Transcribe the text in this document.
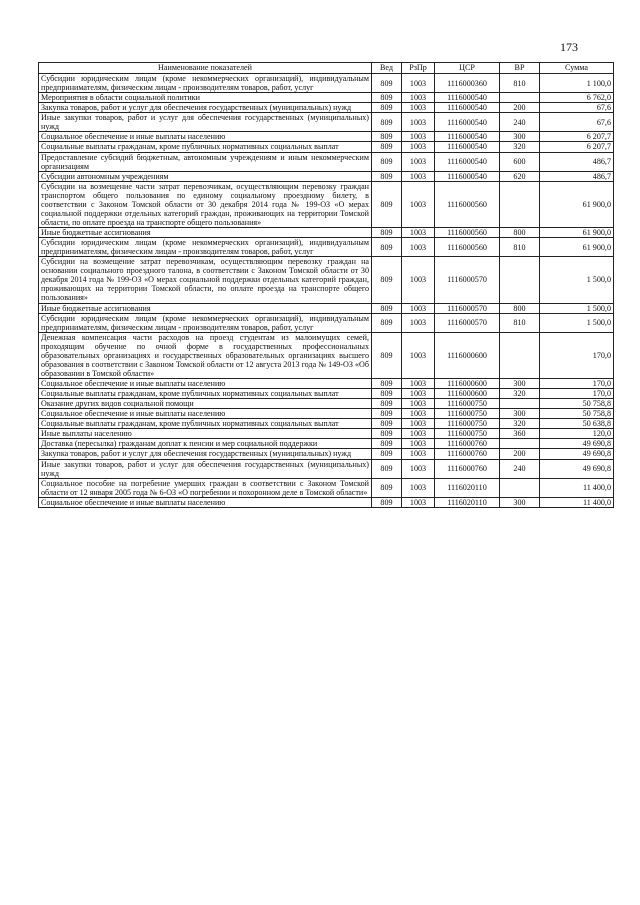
173
Наименование показателей	Вед	РзПр	ЦСР	ВР	Сумма
Субсидии юридическим лицам (кроме некоммерческих организаций), индивидуальным предпринимателям, физическим лицам - производителям товаров, работ, услуг	809	1003	1116000360	810	1 100,0
Мероприятия в области социальной политики	809	1003	1116000540		6 762,0
Закупка товаров, работ и услуг для обеспечения государственных (муниципальных) нужд	809	1003	1116000540	200	67,6
Иные закупки товаров, работ и услуг для обеспечения государственных (муниципальных) нужд	809	1003	1116000540	240	67,6
Социальное обеспечение и иные выплаты населению	809	1003	1116000540	300	6 207,7
Социальные выплаты гражданам, кроме публичных нормативных социальных выплат	809	1003	1116000540	320	6 207,7
Предоставление субсидий бюджетным, автономным учреждениям и иным некоммерческим организациям	809	1003	1116000540	600	486,7
Субсидии автономным учреждениям	809	1003	1116000540	620	486,7
Субсидии на возмещение части затрат перевозчикам, осуществляющим перевозку граждан транспортом общего пользования по единому социальному проездному билету, в соответствии с Законом Томской области от 30 декабря 2014 года № 199-ОЗ «О мерах социальной поддержки отдельных категорий граждан, проживающих на территории Томской области, по оплате проезда на транспорте общего пользования»	809	1003	1116000560		61 900,0
Иные бюджетные ассигнования	809	1003	1116000560	800	61 900,0
Субсидии юридическим лицам (кроме некоммерческих организаций), индивидуальным предпринимателям, физическим лицам - производителям товаров, работ, услуг	809	1003	1116000560	810	61 900,0
Субсидии на возмещение затрат перевозчикам, осуществляющим перевозку граждан на основании социального проездного талона, в соответствии с Законом Томской области от 30 декабря 2014 года № 199-ОЗ «О мерах социальной поддержки отдельных категорий граждан, проживающих на территории Томской области, по оплате проезда на транспорте общего пользования»	809	1003	1116000570		1 500,0
Иные бюджетные ассигнования	809	1003	1116000570	800	1 500,0
Субсидии юридическим лицам (кроме некоммерческих организаций), индивидуальным предпринимателям, физическим лицам - производителям товаров, работ, услуг	809	1003	1116000570	810	1 500,0
Денежная компенсация части расходов на проезд студентам из малоимущих семей, проходящим обучение по очной форме в государственных профессиональных образовательных организациях и государственных образовательных организациях высшего образования в соответствии с Законом Томской области от 12 августа 2013 года № 149-ОЗ «Об образовании в Томской области»	809	1003	1116000600		170,0
Социальное обеспечение и иные выплаты населению	809	1003	1116000600	300	170,0
Социальные выплаты гражданам, кроме публичных нормативных социальных выплат	809	1003	1116000600	320	170,0
Оказание других видов социальной помощи	809	1003	1116000750		50 758,8
Социальное обеспечение и иные выплаты населению	809	1003	1116000750	300	50 758,8
Социальные выплаты гражданам, кроме публичных нормативных социальных выплат	809	1003	1116000750	320	50 638,8
Иные выплаты населению	809	1003	1116000750	360	120,0
Доставка (пересылка) гражданам доплат к пенсии и мер социальной поддержки	809	1003	1116000760		49 690,8
Закупка товаров, работ и услуг для обеспечения государственных (муниципальных) нужд	809	1003	1116000760	200	49 690,8
Иные закупки товаров, работ и услуг для обеспечения государственных (муниципальных) нужд	809	1003	1116000760	240	49 690,8
Социальное пособие на погребение умерших граждан в соответствии с Законом Томской области от 12 января 2005 года № 6-ОЗ «О погребении и похоронном деле в Томской области»	809	1003	1116020110		11 400,0
Социальное обеспечение и иные выплаты населению	809	1003	1116020110	300	11 400,0
